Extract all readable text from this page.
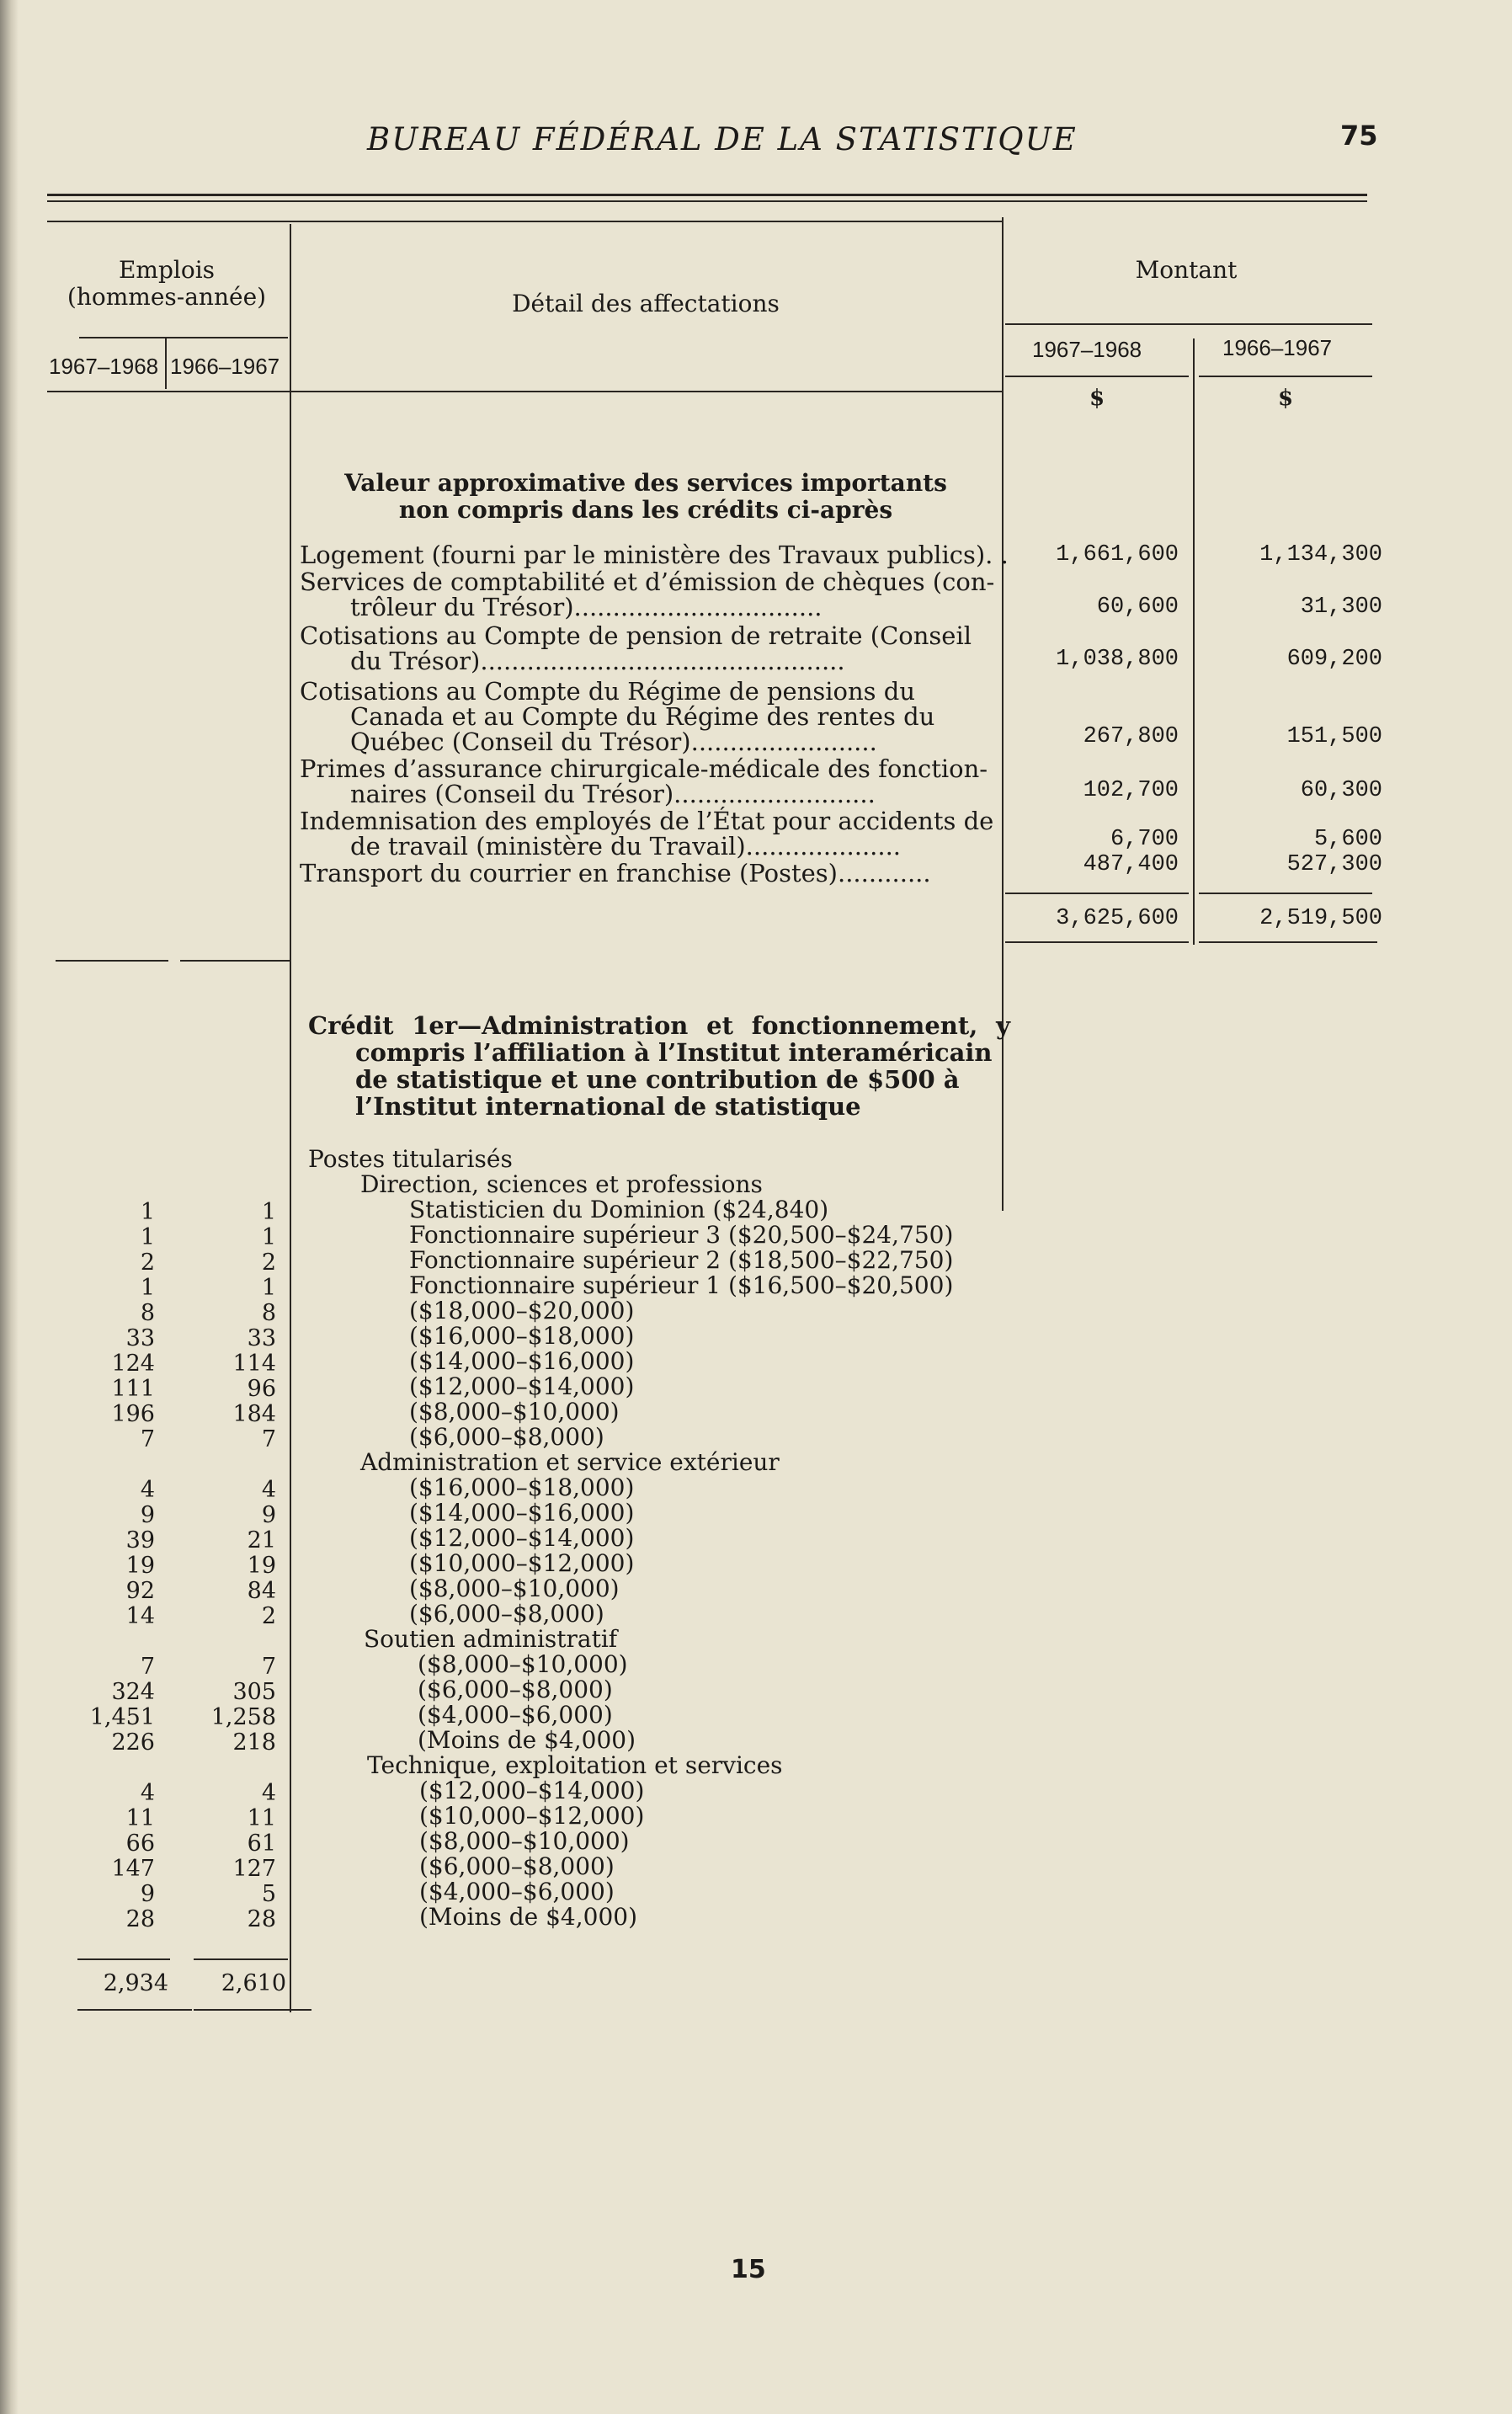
BUREAU FÉDÉRAL DE LA STATISTIQUE	75
Emplois
(hommes-année)
1967–1968 1966–1967
Détail des affectations
Montant
1967–1968	1966–1967
$	$
Valeur approximative des services importants
non compris dans les crédits ci-après
Logement (fourni par le ministère des Travaux publics). .	1,661,600	1,134,300
Services de comptabilité et d’émission de chèques (con-
trôleur du Trésor)................................	60,600	31,300
Cotisations au Compte de pension de retraite (Conseil
du Trésor)...............................................	1,038,800	609,200
Cotisations au Compte du Régime de pensions du
Canada et au Compte du Régime des rentes du
Québec (Conseil du Trésor)........................	267,800	151,500
Primes d’assurance chirurgicale-médicale des fonction-
naires (Conseil du Trésor)..........................	102,700	60,300
Indemnisation des employés de l’État pour accidents de
de travail (ministère du Travail)....................	6,700	5,600
Transport du courrier en franchise (Postes)............	487,400	527,300
3,625,600	2,519,500
Crédit 1er—Administration et fonctionnement, y
compris l’affiliation à l’Institut interaméricain
de statistique et une contribution de $500 à
l’Institut international de statistique
Postes titularisés
Direction, sciences et professions
1	1	Statisticien du Dominion ($24,840)
1	1	Fonctionnaire supérieur 3 ($20,500–$24,750)
2	2	Fonctionnaire supérieur 2 ($18,500–$22,750)
1	1	Fonctionnaire supérieur 1 ($16,500–$20,500)
8	8	($18,000–$20,000)
33	33	($16,000–$18,000)
124	114	($14,000–$16,000)
111	96	($12,000–$14,000)
196	184	($8,000–$10,000)
7	7	($6,000–$8,000)
Administration et service extérieur
4	4	($16,000–$18,000)
9	9	($14,000–$16,000)
39	21	($12,000–$14,000)
19	19	($10,000–$12,000)
92	84	($8,000–$10,000)
14	2	($6,000–$8,000)
Soutien administratif
7	7	($8,000–$10,000)
324	305	($6,000–$8,000)
1,451	1,258	($4,000–$6,000)
226	218	(Moins de $4,000)
Technique, exploitation et services
4	4	($12,000–$14,000)
11	11	($10,000–$12,000)
66	61	($8,000–$10,000)
147	127	($6,000–$8,000)
9	5	($4,000–$6,000)
28	28	(Moins de $4,000)
2,934	2,610
15
